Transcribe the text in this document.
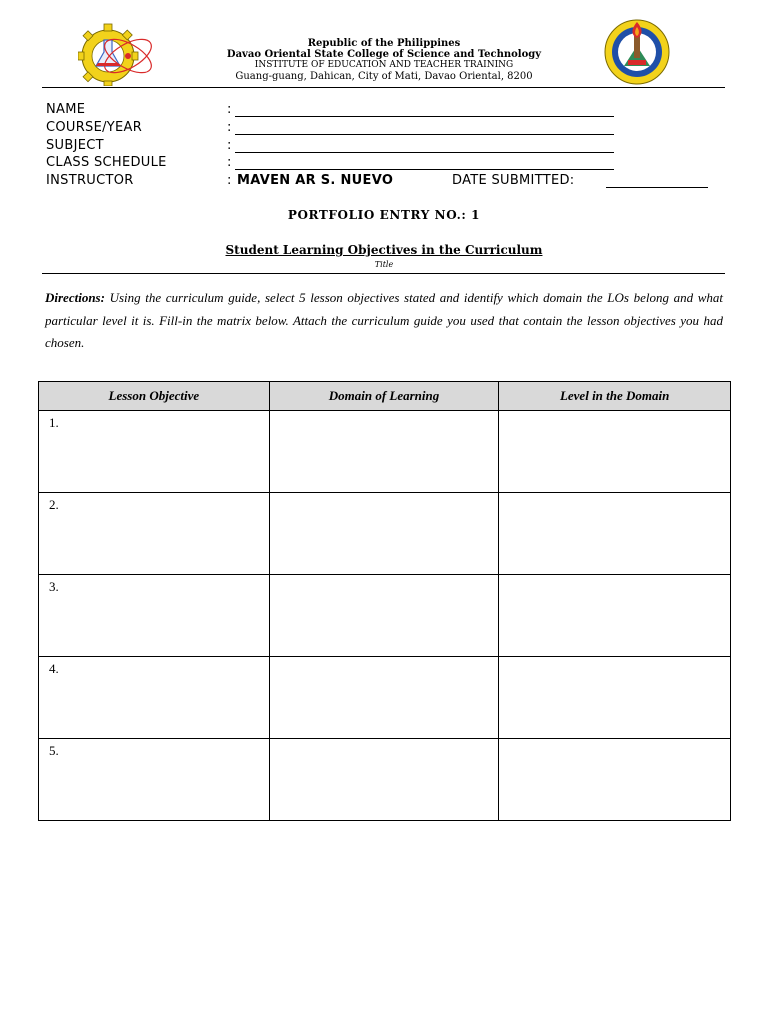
Republic of the Philippines
Davao Oriental State College of Science and Technology
INSTITUTE OF EDUCATION AND TEACHER TRAINING
Guang-guang, Dahican, City of Mati, Davao Oriental, 8200
NAME	:
COURSE/YEAR	:
SUBJECT	:
CLASS SCHEDULE	:
INSTRUCTOR	: MAVEN AR S. NUEVO	DATE SUBMITTED:
PORTFOLIO ENTRY NO.: 1
Student Learning Objectives in the Curriculum
Title
Directions: Using the curriculum guide, select 5 lesson objectives stated and identify which domain the LOs belong and what particular level it is. Fill-in the matrix below. Attach the curriculum guide you used that contain the lesson objectives you had chosen.
Lesson Objective	Domain of Learning	Level in the Domain
1.		
2.		
3.		
4.		
5.		
